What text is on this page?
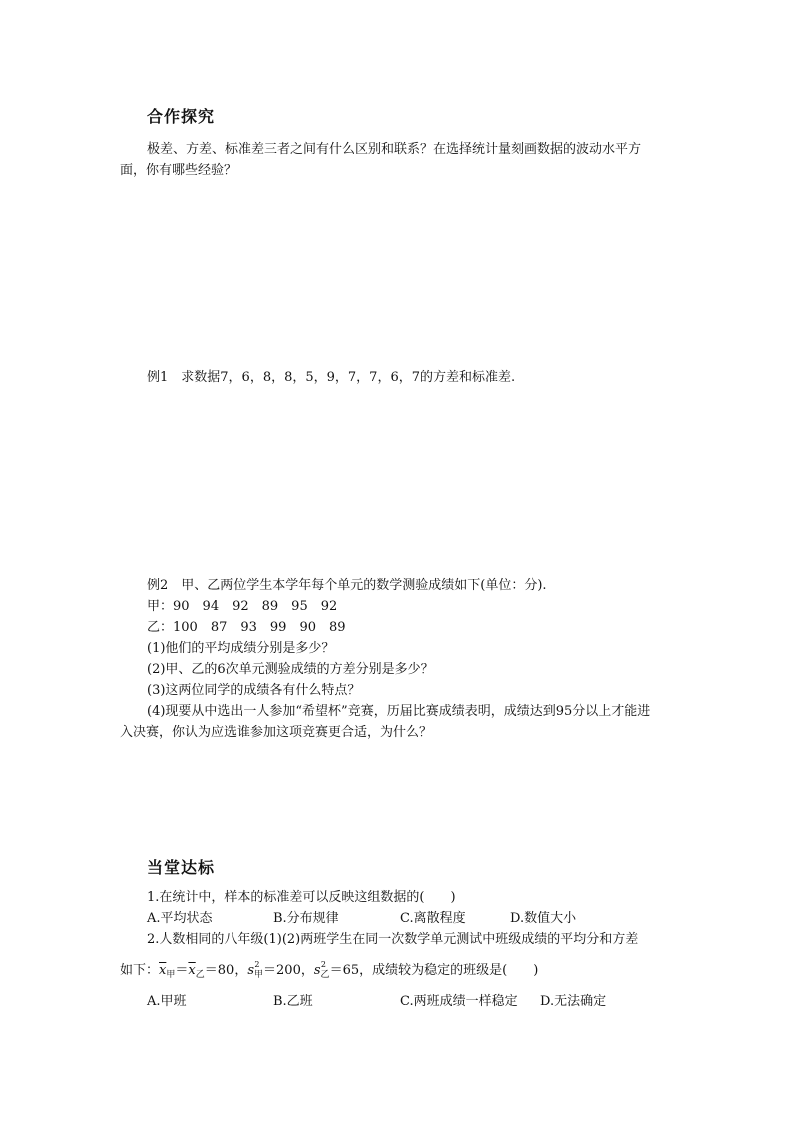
合作探究
极差、方差、标准差三者之间有什么区别和联系？在选择统计量刻画数据的波动水平方
面，你有哪些经验？
例1　求数据7，6，8，8，5，9，7，7，6，7的方差和标准差.
例2　甲、乙两位学生本学年每个单元的数学测验成绩如下(单位：分).
甲：90　94　92　89　95　92
乙：100　87　93　99　90　89
(1)他们的平均成绩分别是多少？
(2)甲、乙的6次单元测验成绩的方差分别是多少？
(3)这两位同学的成绩各有什么特点？
(4)现要从中选出一人参加“希望杯”竞赛，历届比赛成绩表明，成绩达到95分以上才能进
入决赛，你认为应选谁参加这项竞赛更合适，为什么？
当堂达标
1.在统计中，样本的标准差可以反映这组数据的(　　)
A.平均状态	B.分布规律	C.离散程度	D.数值大小
2.人数相同的八年级(1)(2)两班学生在同一次数学单元测试中班级成绩的平均分和方差
如下：$\overline{x}_甲=\overline{x}_乙=80$，s 2
$_甲$＝200，s 2
$_乙$＝65，成绩较为稳定的班级是(　　)
A.甲班	B.乙班	C.两班成绩一样稳定 D.无法确定
